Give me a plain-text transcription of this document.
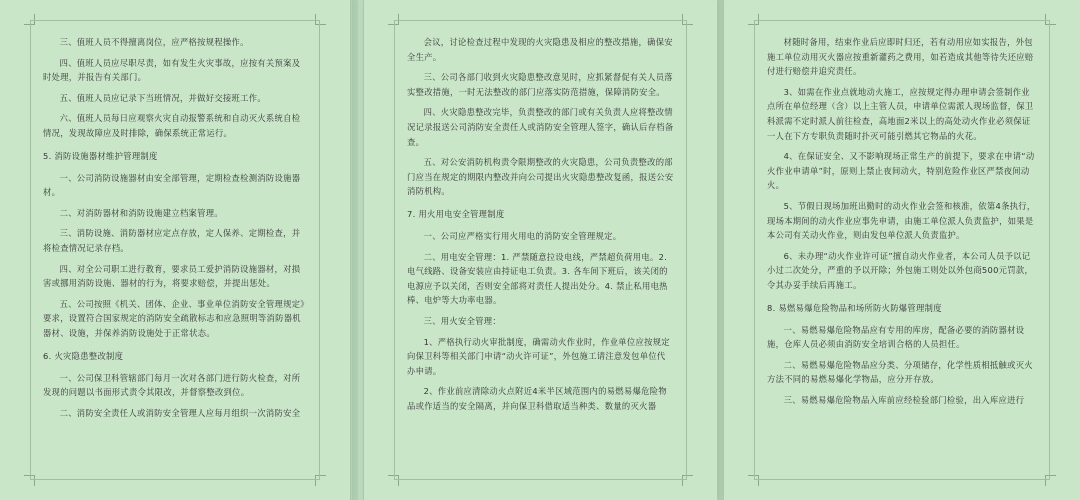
三、值班人员不得擅离岗位，应严格按规程操作。

四、值班人员应尽职尽责，如有发生火灾事故，应按有关预案及时处理，并报告有关部门。

五、值班人员应记录下当班情况，并做好交接班工作。

六、值班人员每日应观察火灾自动报警系统和自动灭火系统自检情况，发现故障应及时排除，确保系统正常运行。

5. 消防设施器材维护管理制度

一、公司消防设施器材由安全部管理，定期检查检测消防设施器材。

二、对消防器材和消防设施建立档案管理。

三、消防设施、消防器材应定点存放，定人保养、定期检查，并将检查情况记录存档。

四、对全公司职工进行教育，要求员工爱护消防设施器材，对损害或挪用消防设施、器材的行为，将要求赔偿，并提出惩处。

五、公司按照《机关、团体、企业、事业单位消防安全管理规定》要求，设置符合国家规定的消防安全疏散标志和应急照明等消防器机器材、设施，并保养消防设施处于正常状态。

6. 火灾隐患整改制度

一、公司保卫科管辖部门每月一次对各部门进行防火检查，对所发现的问题以书面形式责令其限改，并督察整改到位。

二、消防安全责任人或消防安全管理人应每月组织一次消防安全

会议，讨论检查过程中发现的火灾隐患及相应的整改措施，确保安全生产。

三、公司各部门收到火灾隐患整改意见时，应抓紧督促有关人员落实整改措施，一时无法整改的部门应落实防范措施，保障消防安全。

四、火灾隐患整改完毕，负责整改的部门或有关负责人应将整改情况记录报送公司消防安全责任人或消防安全管理人签字，确认后存档备查。

五、对公安消防机构责令限期整改的火灾隐患，公司负责整改的部门应当在规定的期限内整改并向公司提出火灾隐患整改复函，报送公安消防机构。

7. 用火用电安全管理制度

一、公司应严格实行用火用电的消防安全管理规定。

二、用电安全管理：1. 严禁随意拉设电线，严禁超负荷用电。2. 电气线路、设备安装应由持证电工负责。3. 各车间下班后，该关闭的电源应予以关闭，否则安全部将对责任人提出处分。4. 禁止私用电热棒、电炉等大功率电器。

三、用火安全管理：

1、严格执行动火审批制度，确需动火作业时，作业单位应按规定向保卫科等相关部门申请“动火许可证”，外包施工请注意发包单位代办申请。

2、作业前应清除动火点附近4米半区域范围内的易燃易爆危险物品或作适当的安全隔离，并向保卫科借取适当种类、数量的灭火器

材随时备用，结束作业后应即时归还，若有动用应如实报告，外包施工单位动用灭火器应按重新灌药之费用，如若造成其他等待失还应赔付进行赔偿并追究责任。

3、如需在作业点就地动火施工，应按规定得办理申请会签制作业点所在单位经理（含）以上主管人员，申请单位需派人现场监督，保卫科派需不定时派人前往检查，高地面2米以上的高处动火作业必须保证一人在下方专职负责随时扑灭可能引燃其它物品的火花。

4、在保证安全、又不影响现场正常生产的前提下，要求在申请“动火作业申请单”时，原则上禁止夜间动火，特别危险作业区严禁夜间动火。

5、节假日现场加班出勤时的动火作业会签和核准，依第4条执行，现场本期间的动火作业应事先申请，由施工单位派人负责监护，如果是本公司有关动火作业，则由发包单位派人负责监护。

6、未办理“动火作业许可证”擅自动火作业者，本公司人员予以记小过二次处分，严重的予以开除；外包施工则处以外包商500元罚款，令其办妥手续后再施工。

8. 易燃易爆危险物品和场所防火防爆管理制度

一、易燃易爆危险物品应有专用的库房，配备必要的消防器材设施，仓库人员必须由消防安全培训合格的人员担任。

二、易燃易爆危险物品应分类、分项储存，化学性质相抵触或灭火方法不同的易燃易爆化学物品，应分开存放。

三、易燃易爆危险物品入库前应经检验部门检验，出入库应进行
